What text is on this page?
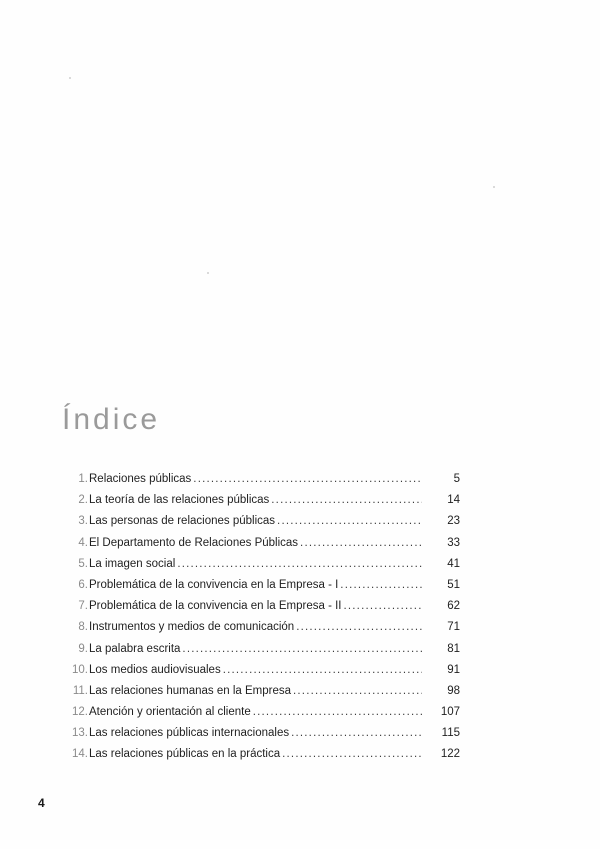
Índice
1. Relaciones públicas .....	5
2. La teoría de las relaciones públicas .....	14
3. Las personas de relaciones públicas .....	23
4. El Departamento de Relaciones Públicas .....	33
5. La imagen social .....	41
6. Problemática de la convivencia en la Empresa - I .....	51
7. Problemática de la convivencia en la Empresa - II .....	62
8. Instrumentos y medios de comunicación .....	71
9. La palabra escrita .....	81
10. Los medios audiovisuales .....	91
11. Las relaciones humanas en la Empresa .....	98
12. Atención y orientación al cliente .....	107
13. Las relaciones públicas internacionales .....	115
14. Las relaciones públicas en la práctica .....	122
4
